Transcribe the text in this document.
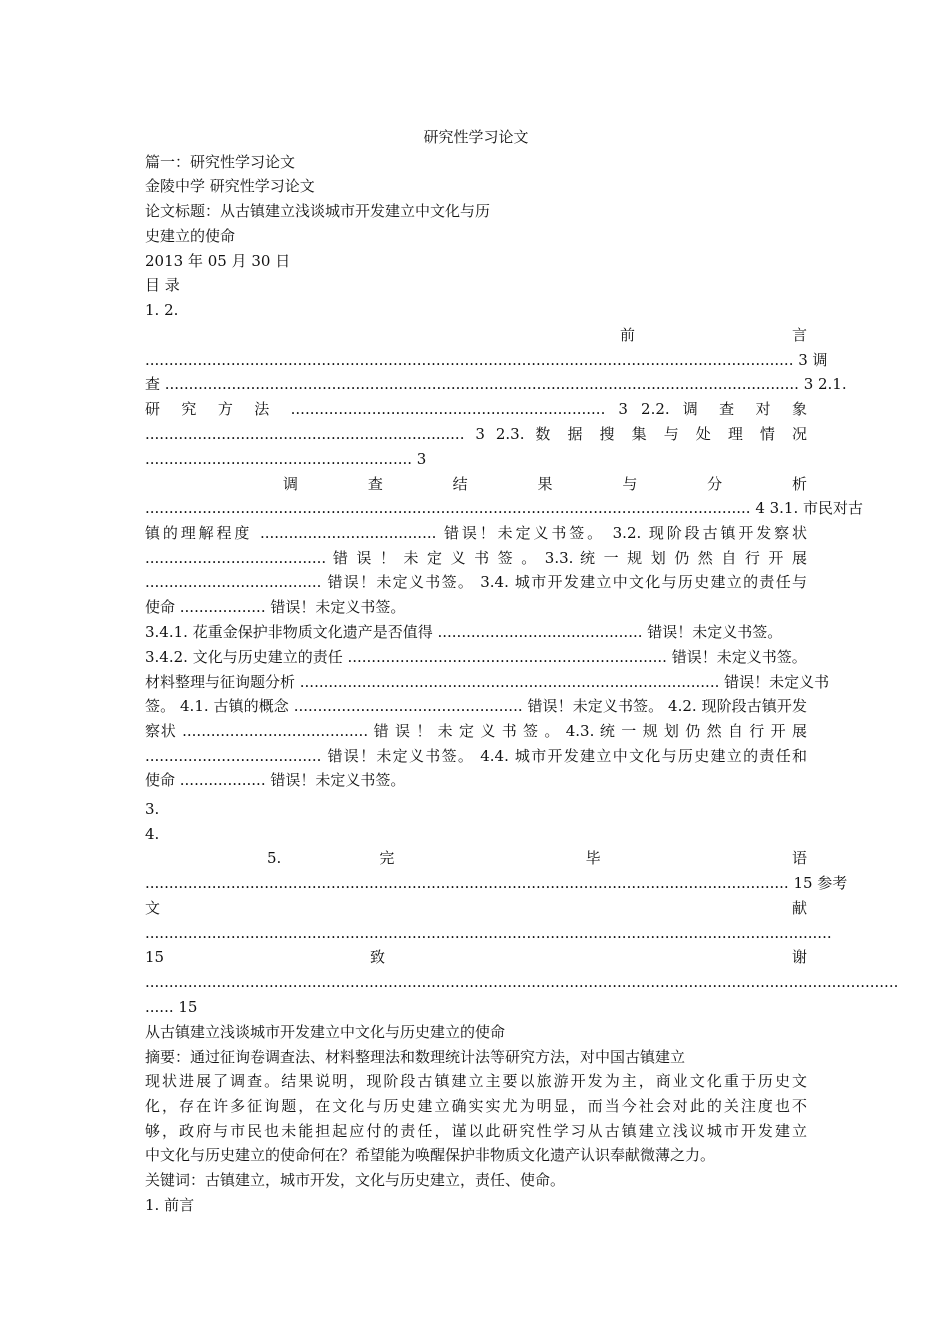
研究性学习论文
篇一：研究性学习论文
金陵中学 研究性学习论文
论文标题：从古镇建立浅谈城市开发建立中文化与历
史建立的使命
2013 年 05 月 30 日
目 录
1. 2.
前 言
........................................................................................................................................ 3 调
查 ..................................................................................................................................... 3 2.1.
研 究 方 法 .................................................................. 3 2.2. 调 查 对 象
................................................................... 3 2.3. 数 据 搜 集 与 处 理 情 况
........................................................ 3
调 查 结 果 与 分 析
............................................................................................................................... 4 3.1. 市民对古
镇的理解程度 ..................................... 错误！未定义书签。 3.2. 现阶段古镇开发察状
...................................... 错 误 ！ 未 定 义 书 签 。 3.3. 统 一 规 划 仍 然 自 行 开 展
..................................... 错误！未定义书签。 3.4. 城市开发建立中文化与历史建立的责任与
使命 .................. 错误！未定义书签。
3.4.1. 花重金保护非物质文化遗产是否值得 ........................................... 错误！未定义书签。
3.4.2. 文化与历史建立的责任 ................................................................... 错误！未定义书签。
材料整理与征询题分析 ........................................................................................ 错误！未定义书
签。 4.1. 古镇的概念 ................................................ 错误！未定义书签。 4.2. 现阶段古镇开发
察状 ....................................... 错 误 ！ 未 定 义 书 签 。 4.3. 统 一 规 划 仍 然 自 行 开 展
..................................... 错误！未定义书签。 4.4. 城市开发建立中文化与历史建立的责任和
使命 .................. 错误！未定义书签。
3.
4.
5. 完 毕 语
....................................................................................................................................... 15 参考
文 献
................................................................................................................................................
15 致 谢
..............................................................................................................................................................
...... 15
从古镇建立浅谈城市开发建立中文化与历史建立的使命
摘要：通过征询卷调查法、材料整理法和数理统计法等研究方法，对中国古镇建立
现状进展了调查。结果说明，现阶段古镇建立主要以旅游开发为主，商业文化重于历史文
化，存在许多征询题，在文化与历史建立确实实尤为明显，而当今社会对此的关注度也不
够，政府与市民也未能担起应付的责任，谨以此研究性学习从古镇建立浅议城市开发建立
中文化与历史建立的使命何在？希望能为唤醒保护非物质文化遗产认识奉献微薄之力。
关键词：古镇建立，城市开发，文化与历史建立，责任、使命。
1. 前言
